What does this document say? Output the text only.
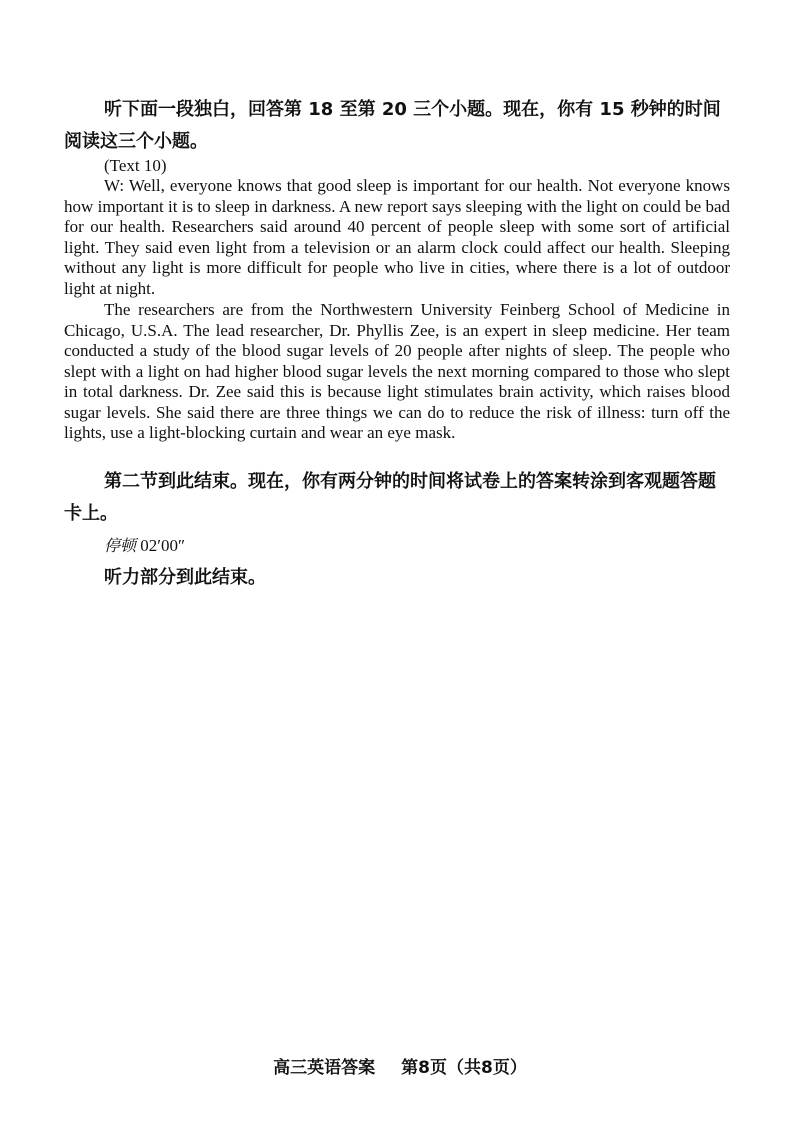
听下面一段独白，回答第 18 至第 20 三个小题。现在，你有 15 秒钟的时间阅读这三个小题。

(Text 10)

W: Well, everyone knows that good sleep is important for our health. Not everyone knows how important it is to sleep in darkness. A new report says sleeping with the light on could be bad for our health. Researchers said around 40 percent of people sleep with some sort of artificial light. They said even light from a television or an alarm clock could affect our health. Sleeping without any light is more difficult for people who live in cities, where there is a lot of outdoor light at night.

The researchers are from the Northwestern University Feinberg School of Medicine in Chicago, U.S.A. The lead researcher, Dr. Phyllis Zee, is an expert in sleep medicine. Her team conducted a study of the blood sugar levels of 20 people after nights of sleep. The people who slept with a light on had higher blood sugar levels the next morning compared to those who slept in total darkness. Dr. Zee said this is because light stimulates brain activity, which raises blood sugar levels. She said there are three things we can do to reduce the risk of illness: turn off the lights, use a light-blocking curtain and wear an eye mask.

第二节到此结束。现在，你有两分钟的时间将试卷上的答案转涂到客观题答题卡上。

停顿 02′00″

听力部分到此结束。

高三英语答案 第8页（共8页）
